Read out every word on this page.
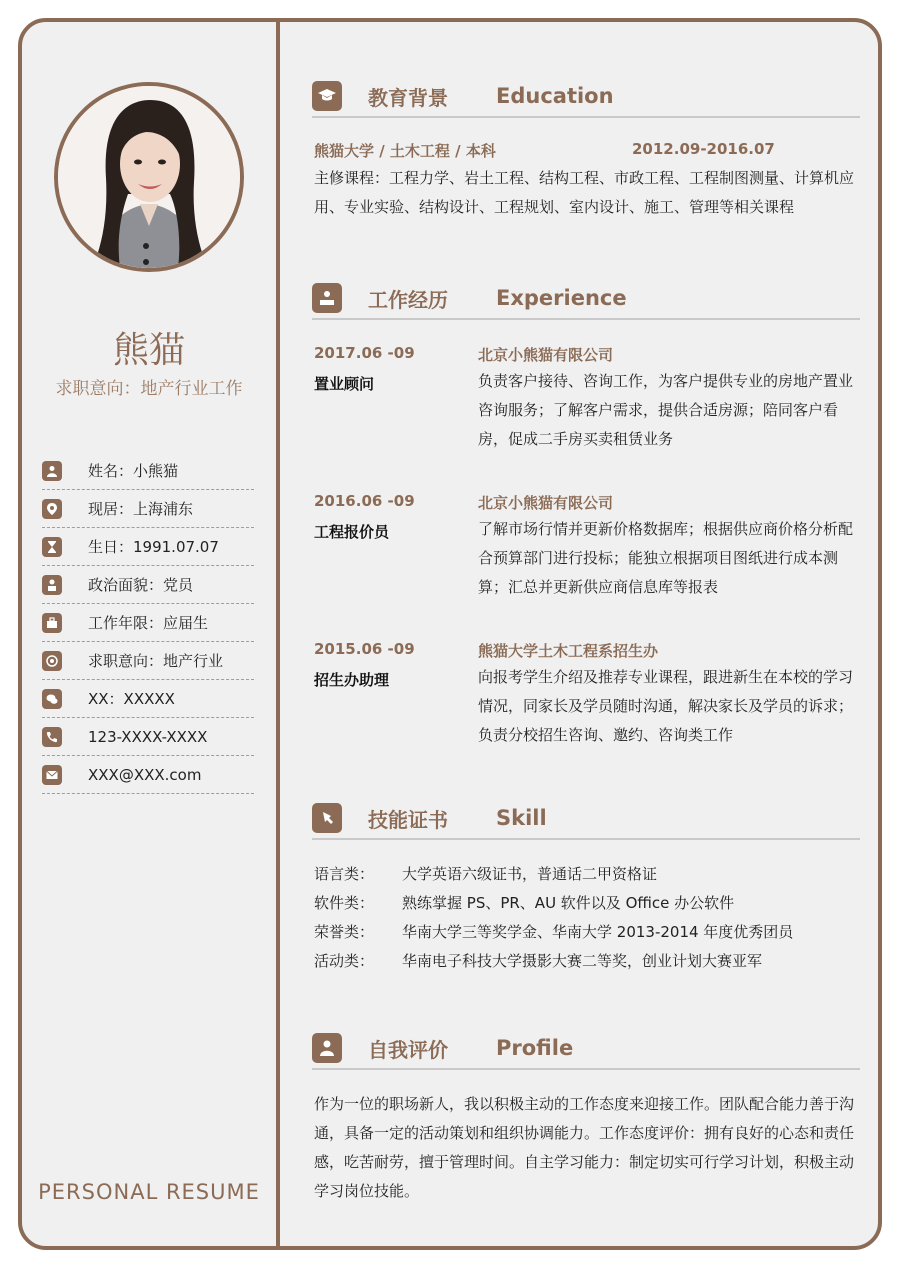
熊猫
求职意向：地产行业工作
姓名：小熊猫
现居：上海浦东
生日：1991.07.07
政治面貌：党员
工作年限：应届生
求职意向：地产行业
XX：XXXXX
123-XXXX-XXXX
XXX@XXX.com
PERSONAL RESUME
教育背景	Education
熊猫大学 / 土木工程 / 本科	2012.09-2016.07
主修课程：工程力学、岩土工程、结构工程、市政工程、工程制图测量、计算机应用、专业实验、结构设计、工程规划、室内设计、施工、管理等相关课程
工作经历	Experience
2017.06 -09
置业顾问
北京小熊猫有限公司
负责客户接待、咨询工作，为客户提供专业的房地产置业咨询服务；了解客户需求，提供合适房源；陪同客户看房，促成二手房买卖租赁业务
2016.06 -09
工程报价员
北京小熊猫有限公司
了解市场行情并更新价格数据库；根据供应商价格分析配合预算部门进行投标；能独立根据项目图纸进行成本测算；汇总并更新供应商信息库等报表
2015.06 -09
招生办助理
熊猫大学土木工程系招生办
向报考学生介绍及推荐专业课程，跟进新生在本校的学习情况，同家长及学员随时沟通，解决家长及学员的诉求；负责分校招生咨询、邀约、咨询类工作
技能证书	Skill
语言类：	大学英语六级证书，普通话二甲资格证
软件类：	熟练掌握 PS、PR、AU 软件以及 Office 办公软件
荣誉类：	华南大学三等奖学金、华南大学 2013-2014 年度优秀团员
活动类：	华南电子科技大学摄影大赛二等奖，创业计划大赛亚军
自我评价	Profile
作为一位的职场新人，我以积极主动的工作态度来迎接工作。团队配合能力善于沟通，具备一定的活动策划和组织协调能力。工作态度评价：拥有良好的心态和责任感，吃苦耐劳，擅于管理时间。自主学习能力：制定切实可行学习计划，积极主动学习岗位技能。
